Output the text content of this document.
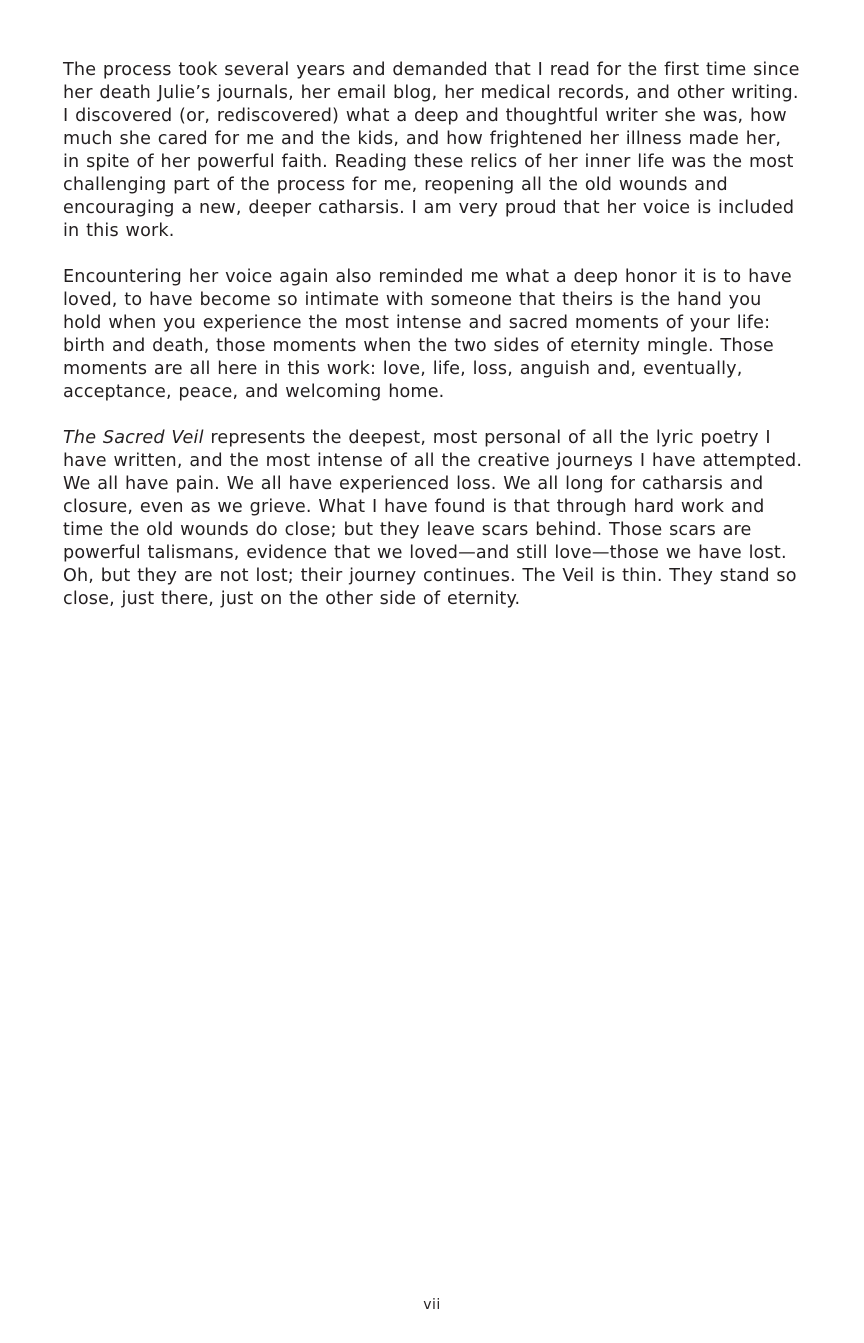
The process took several years and demanded that I read for the first time since her death Julie’s journals, her email blog, her medical records, and other writing. I discovered (or, rediscovered) what a deep and thoughtful writer she was, how much she cared for me and the kids, and how frightened her illness made her, in spite of her powerful faith. Reading these relics of her inner life was the most challenging part of the process for me, reopening all the old wounds and encouraging a new, deeper catharsis. I am very proud that her voice is included in this work.

Encountering her voice again also reminded me what a deep honor it is to have loved, to have become so intimate with someone that theirs is the hand you hold when you experience the most intense and sacred moments of your life: birth and death, those moments when the two sides of eternity mingle. Those moments are all here in this work: love, life, loss, anguish and, eventually, acceptance, peace, and welcoming home.

The Sacred Veil represents the deepest, most personal of all the lyric poetry I have written, and the most intense of all the creative journeys I have attempted. We all have pain. We all have experienced loss. We all long for catharsis and closure, even as we grieve. What I have found is that through hard work and time the old wounds do close; but they leave scars behind. Those scars are powerful talismans, evidence that we loved—and still love—those we have lost. Oh, but they are not lost; their journey continues. The Veil is thin. They stand so close, just there, just on the other side of eternity.

vii
